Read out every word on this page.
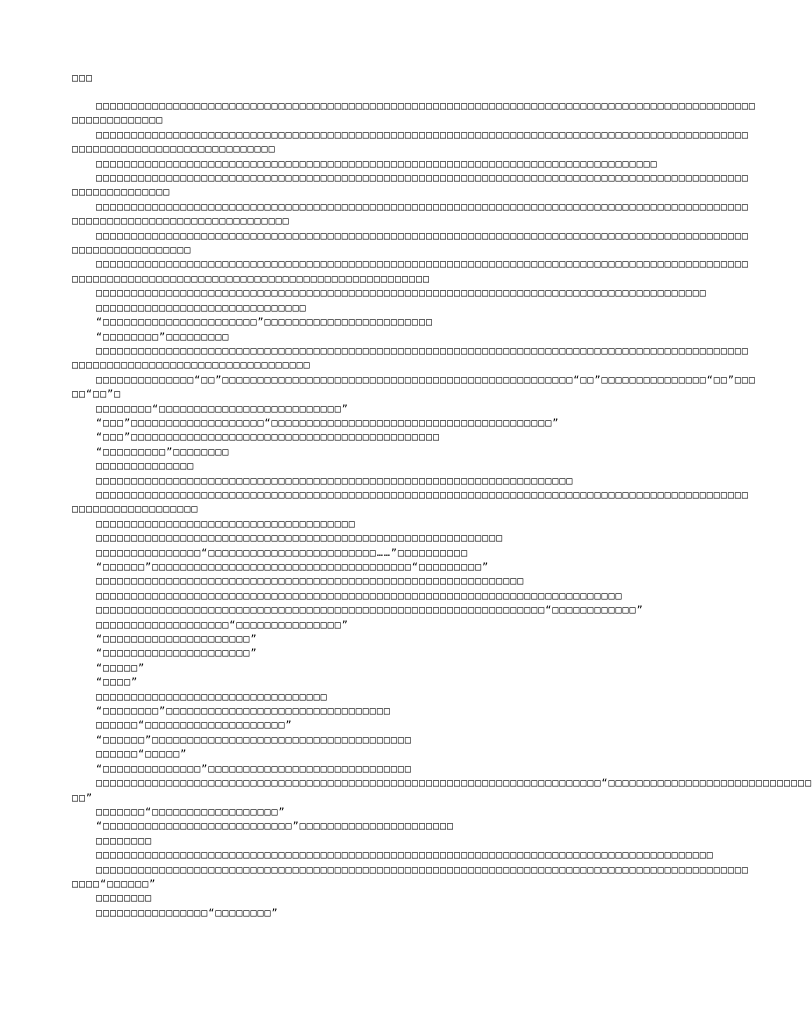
□□□
□□□□□□□□□□□□□□□□□□□□□□□□□□□□□□□□□□□□□□□□□□□□□□□□□□□□□□□□□□□□□□□□□□□□□□□□□□□□□□□□□□□□□□□□□□□□□□
□□□□□□□□□□□□□
□□□□□□□□□□□□□□□□□□□□□□□□□□□□□□□□□□□□□□□□□□□□□□□□□□□□□□□□□□□□□□□□□□□□□□□□□□□□□□□□□□□□□□□□□□□□□
□□□□□□□□□□□□□□□□□□□□□□□□□□□□□
□□□□□□□□□□□□□□□□□□□□□□□□□□□□□□□□□□□□□□□□□□□□□□□□□□□□□□□□□□□□□□□□□□□□□□□□□□□□□□□□
□□□□□□□□□□□□□□□□□□□□□□□□□□□□□□□□□□□□□□□□□□□□□□□□□□□□□□□□□□□□□□□□□□□□□□□□□□□□□□□□□□□□□□□□□□□□□
□□□□□□□□□□□□□□
□□□□□□□□□□□□□□□□□□□□□□□□□□□□□□□□□□□□□□□□□□□□□□□□□□□□□□□□□□□□□□□□□□□□□□□□□□□□□□□□□□□□□□□□□□□□□
□□□□□□□□□□□□□□□□□□□□□□□□□□□□□□□
□□□□□□□□□□□□□□□□□□□□□□□□□□□□□□□□□□□□□□□□□□□□□□□□□□□□□□□□□□□□□□□□□□□□□□□□□□□□□□□□□□□□□□□□□□□□□
□□□□□□□□□□□□□□□□□
□□□□□□□□□□□□□□□□□□□□□□□□□□□□□□□□□□□□□□□□□□□□□□□□□□□□□□□□□□□□□□□□□□□□□□□□□□□□□□□□□□□□□□□□□□□□□
□□□□□□□□□□□□□□□□□□□□□□□□□□□□□□□□□□□□□□□□□□□□□□□□□□□
□□□□□□□□□□□□□□□□□□□□□□□□□□□□□□□□□□□□□□□□□□□□□□□□□□□□□□□□□□□□□□□□□□□□□□□□□□□□□□□□□□□□□□□
□□□□□□□□□□□□□□□□□□□□□□□□□□□□□□
“□□□□□□□□□□□□□□□□□□□□□□”□□□□□□□□□□□□□□□□□□□□□□□□
“□□□□□□□□”□□□□□□□□□
□□□□□□□□□□□□□□□□□□□□□□□□□□□□□□□□□□□□□□□□□□□□□□□□□□□□□□□□□□□□□□□□□□□□□□□□□□□□□□□□□□□□□□□□□□□□□
□□□□□□□□□□□□□□□□□□□□□□□□□□□□□□□□□□
□□□□□□□□□□□□□□“□□”□□□□□□□□□□□□□□□□□□□□□□□□□□□□□□□□□□□□□□□□□□□□□□□□□□“□□”□□□□□□□□□□□□□□□“□□”□□□
□□“□□”□
□□□□□□□□“□□□□□□□□□□□□□□□□□□□□□□□□□□”
“□□□”□□□□□□□□□□□□□□□□□□□“□□□□□□□□□□□□□□□□□□□□□□□□□□□□□□□□□□□□□□□□”
“□□□”□□□□□□□□□□□□□□□□□□□□□□□□□□□□□□□□□□□□□□□□□□□□
“□□□□□□□□□”□□□□□□□□
□□□□□□□□□□□□□□
□□□□□□□□□□□□□□□□□□□□□□□□□□□□□□□□□□□□□□□□□□□□□□□□□□□□□□□□□□□□□□□□□□□□
□□□□□□□□□□□□□□□□□□□□□□□□□□□□□□□□□□□□□□□□□□□□□□□□□□□□□□□□□□□□□□□□□□□□□□□□□□□□□□□□□□□□□□□□□□□□□
□□□□□□□□□□□□□□□□□□
□□□□□□□□□□□□□□□□□□□□□□□□□□□□□□□□□□□□□
□□□□□□□□□□□□□□□□□□□□□□□□□□□□□□□□□□□□□□□□□□□□□□□□□□□□□□□□□□
□□□□□□□□□□□□□□□“□□□□□□□□□□□□□□□□□□□□□□□□……”□□□□□□□□□□
“□□□□□□”□□□□□□□□□□□□□□□□□□□□□□□□□□□□□□□□□□□□□“□□□□□□□□□”
□□□□□□□□□□□□□□□□□□□□□□□□□□□□□□□□□□□□□□□□□□□□□□□□□□□□□□□□□□□□□
□□□□□□□□□□□□□□□□□□□□□□□□□□□□□□□□□□□□□□□□□□□□□□□□□□□□□□□□□□□□□□□□□□□□□□□□□□□
□□□□□□□□□□□□□□□□□□□□□□□□□□□□□□□□□□□□□□□□□□□□□□□□□□□□□□□□□□□□□□□□“□□□□□□□□□□□□”
□□□□□□□□□□□□□□□□□□□“□□□□□□□□□□□□□□□”
“□□□□□□□□□□□□□□□□□□□□□”
“□□□□□□□□□□□□□□□□□□□□□”
“□□□□□”
“□□□□”
□□□□□□□□□□□□□□□□□□□□□□□□□□□□□□□□□
“□□□□□□□□”□□□□□□□□□□□□□□□□□□□□□□□□□□□□□□□□
□□□□□□“□□□□□□□□□□□□□□□□□□□□”
“□□□□□□”□□□□□□□□□□□□□□□□□□□□□□□□□□□□□□□□□□□□□
□□□□□□“□□□□□”
“□□□□□□□□□□□□□□”□□□□□□□□□□□□□□□□□□□□□□□□□□□□□
□□□□□□□□□□□□□□□□□□□□□□□□□□□□□□□□□□□□□□□□□□□□□□□□□□□□□□□□□□□□□□□□□□□□□□□□“□□□□□□□□□□□□□□□□□□□□□□□□□□□□□
□□”
□□□□□□□“□□□□□□□□□□□□□□□□□□”
“□□□□□□□□□□□□□□□□□□□□□□□□□□□”□□□□□□□□□□□□□□□□□□□□□□
□□□□□□□□
□□□□□□□□□□□□□□□□□□□□□□□□□□□□□□□□□□□□□□□□□□□□□□□□□□□□□□□□□□□□□□□□□□□□□□□□□□□□□□□□□□□□□□□□
□□□□□□□□□□□□□□□□□□□□□□□□□□□□□□□□□□□□□□□□□□□□□□□□□□□□□□□□□□□□□□□□□□□□□□□□□□□□□□□□□□□□□□□□□□□□□
□□□□“□□□□□□”
□□□□□□□□
□□□□□□□□□□□□□□□□“□□□□□□□□”
